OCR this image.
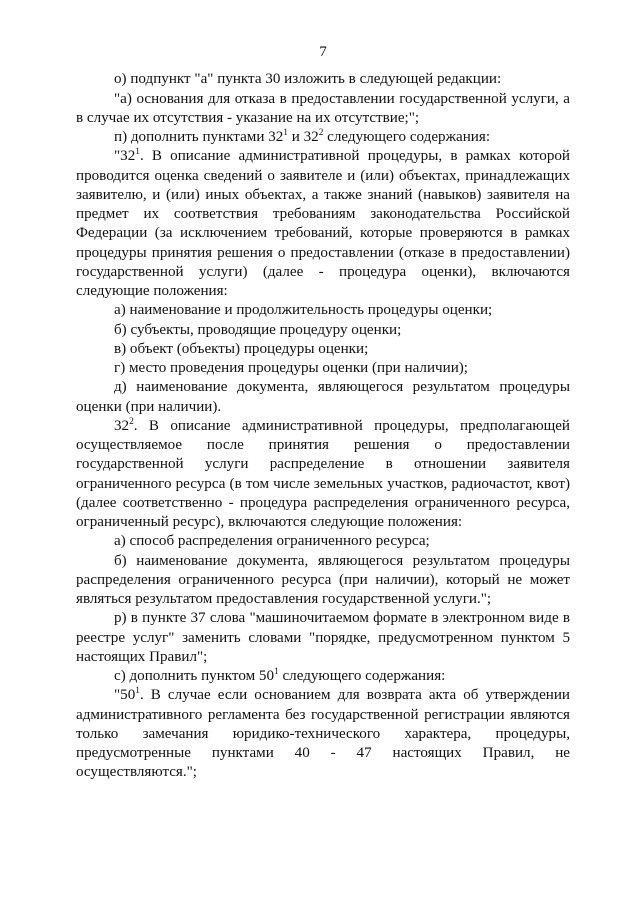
7

о) подпункт "а" пункта 30 изложить в следующей редакции:

"а) основания для отказа в предоставлении государственной услуги, а в случае их отсутствия - указание на их отсутствие;";

п) дополнить пунктами $32^1$ и $32^2$ следующего содержания:

"$32^1$. В описание административной процедуры, в рамках которой проводится оценка сведений о заявителе и (или) объектах, принадлежащих заявителю, и (или) иных объектах, а также знаний (навыков) заявителя на предмет их соответствия требованиям законодательства Российской Федерации (за исключением требований, которые проверяются в рамках процедуры принятия решения о предоставлении (отказе в предоставлении) государственной услуги) (далее - процедура оценки), включаются следующие положения:

а) наименование и продолжительность процедуры оценки;

б) субъекты, проводящие процедуру оценки;

в) объект (объекты) процедуры оценки;

г) место проведения процедуры оценки (при наличии);

д) наименование документа, являющегося результатом процедуры оценки (при наличии).

$32^2$. В описание административной процедуры, предполагающей осуществляемое после принятия решения о предоставлении государственной услуги распределение в отношении заявителя ограниченного ресурса (в том числе земельных участков, радиочастот, квот) (далее соответственно - процедура распределения ограниченного ресурса, ограниченный ресурс), включаются следующие положения:

а) способ распределения ограниченного ресурса;

б) наименование документа, являющегося результатом процедуры распределения ограниченного ресурса (при наличии), который не может являться результатом предоставления государственной услуги.";

р) в пункте 37 слова "машиночитаемом формате в электронном виде в реестре услуг" заменить словами "порядке, предусмотренном пунктом 5 настоящих Правил";

с) дополнить пунктом $50^1$ следующего содержания:

"$50^1$. В случае если основанием для возврата акта об утверждении административного регламента без государственной регистрации являются только замечания юридико-технического характера, процедуры, предусмотренные пунктами 40 - 47 настоящих Правил, не осуществляются.";
